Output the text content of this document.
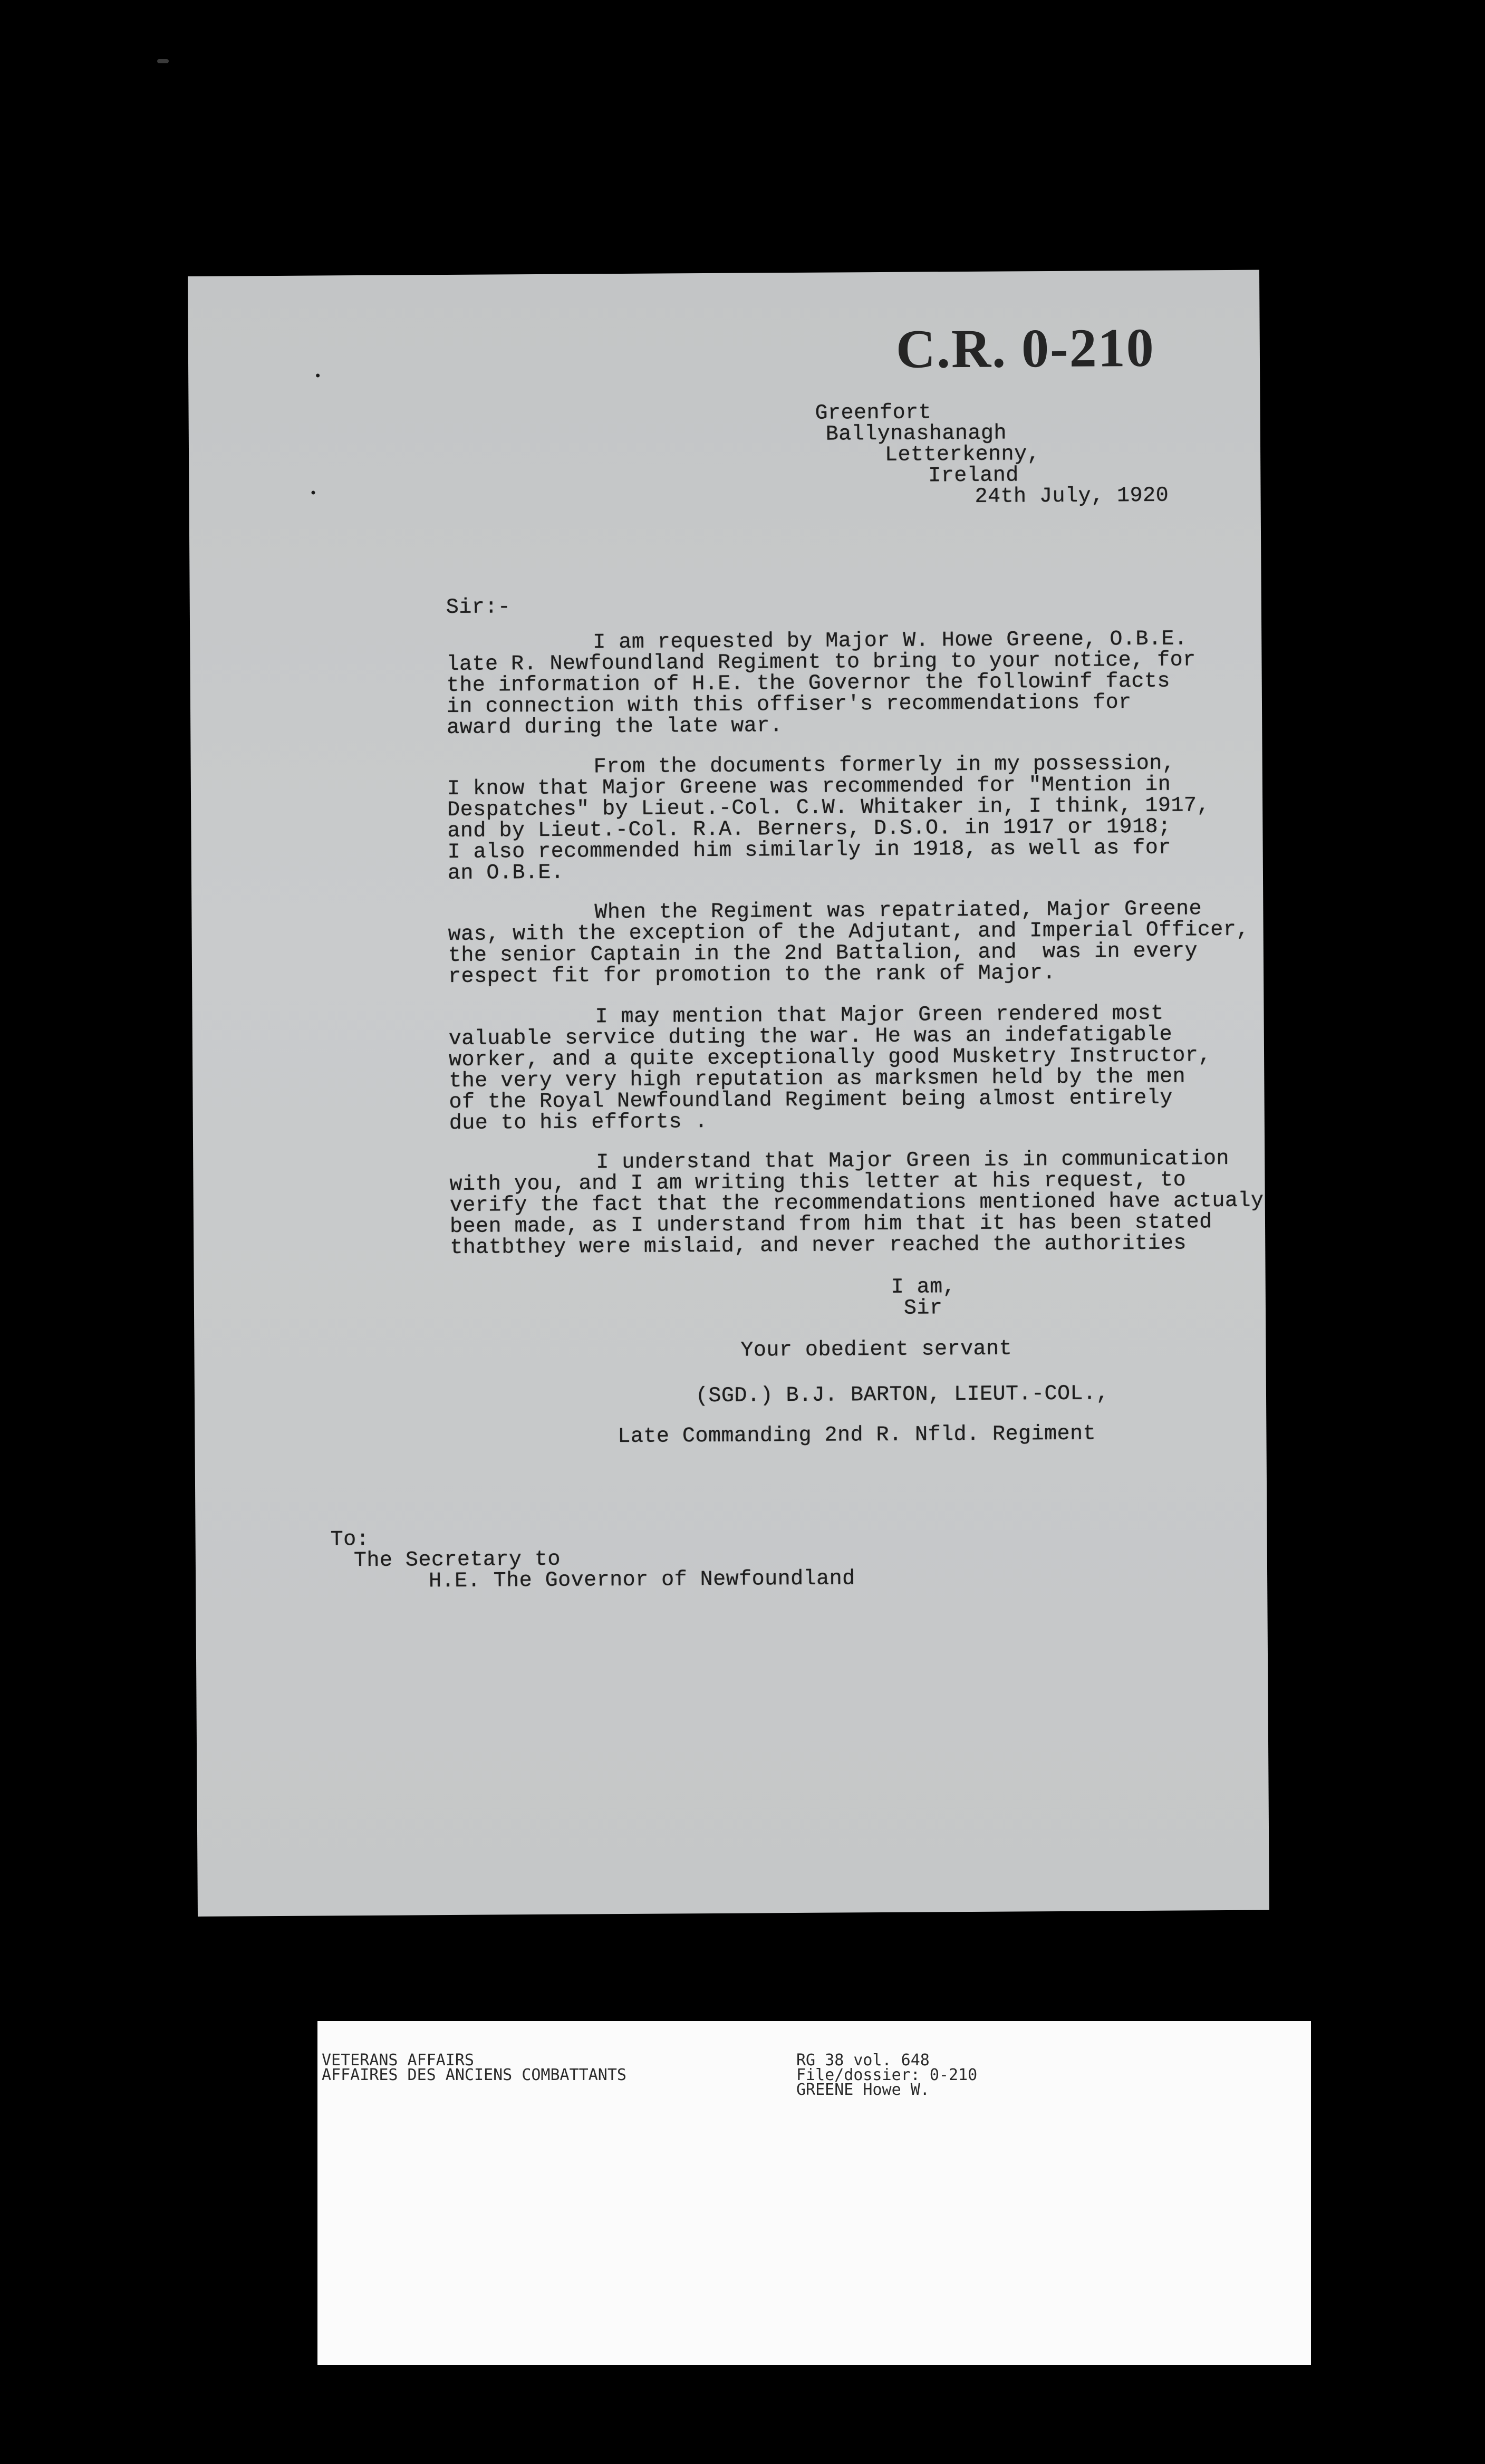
C.R. 0-210
Greenfort
Ballynashanagh
Letterkenny,
Ireland
24th July, 1920
Sir:-
I am requested by Major W. Howe Greene, O.B.E.
late R. Newfoundland Regiment to bring to your notice, for
the information of H.E. the Governor the followinf facts
in connection with this offiser's recommendations for
award during the late war.
From the documents formerly in my possession,
I know that Major Greene was recommended for "Mention in
Despatches" by Lieut.-Col. C.W. Whitaker in, I think, 1917,
and by Lieut.-Col. R.A. Berners, D.S.O. in 1917 or 1918;
I also recommended him similarly in 1918, as well as for
an O.B.E.
When the Regiment was repatriated, Major Greene
was, with the exception of the Adjutant, and Imperial Officer,
the senior Captain in the 2nd Battalion, and  was in every
respect fit for promotion to the rank of Major.
I may mention that Major Green rendered most
valuable service duting the war. He was an indefatigable
worker, and a quite exceptionally good Musketry Instructor,
the very very high reputation as marksmen held by the men
of the Royal Newfoundland Regiment being almost entirely
due to his efforts .
I understand that Major Green is in communication
with you, and I am writing this letter at his request, to
verify the fact that the recommendations mentioned have actualy
been made, as I understand from him that it has been stated
thatbthey were mislaid, and never reached the authorities
I am,
Sir
Your obedient servant
(SGD.) B.J. BARTON, LIEUT.-COL.,
Late Commanding 2nd R. Nfld. Regiment
To:
The Secretary to
H.E. The Governor of Newfoundland
VETERANS AFFAIRS
AFFAIRES DES ANCIENS COMBATTANTS
RG 38 vol. 648
File/dossier: 0-210
GREENE Howe W.
